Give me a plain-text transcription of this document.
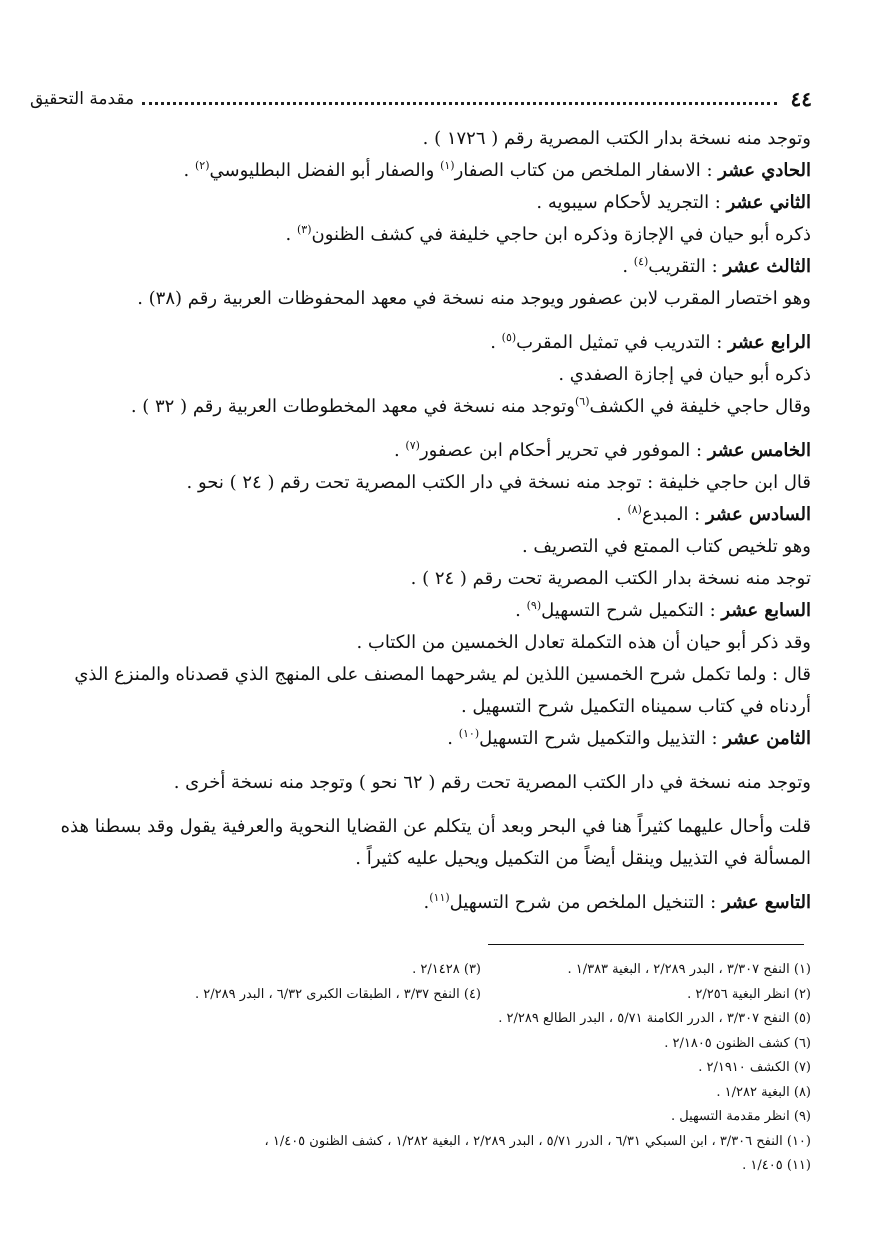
٤٤
مقدمة التحقيق
وتوجد منه نسخة بدار الكتب المصرية رقم ( ١٧٢٦ ) .
الحادي عشر : الاسفار الملخص من كتاب الصفار$^{(١)}$ والصفار أبو الفضل البطليوسي$^{(٢)}$ .
الثاني عشر : التجريد لأحكام سيبويه .
ذكره أبو حيان في الإجازة وذكره ابن حاجي خليفة في كشف الظنون$^{(٣)}$ .
الثالث عشر : التقريب$^{(٤)}$ .
وهو اختصار المقرب لابن عصفور ويوجد منه نسخة في معهد المحفوظات العربية رقم (٣٨) .
الرابع عشر : التدريب في تمثيل المقرب$^{(٥)}$ .
ذكره أبو حيان في إجازة الصفدي .
وقال حاجي خليفة في الكشف$^{(٦)}$وتوجد منه نسخة في معهد المخطوطات العربية رقم ( ٣٢ ) .
الخامس عشر : الموفور في تحرير أحكام ابن عصفور$^{(٧)}$ .
قال ابن حاجي خليفة : توجد منه نسخة في دار الكتب المصرية تحت رقم ( ٢٤ ) نحو .
السادس عشر : المبدع$^{(٨)}$ .
وهو تلخيص كتاب الممتع في التصريف .
توجد منه نسخة بدار الكتب المصرية تحت رقم ( ٢٤ ) .
السابع عشر : التكميل شرح التسهيل$^{(٩)}$ .
وقد ذكر أبو حيان أن هذه التكملة تعادل الخمسين من الكتاب .
قال : ولما تكمل شرح الخمسين اللذين لم يشرحهما المصنف على المنهج الذي قصدناه والمنزع الذي أردناه في كتاب سميناه التكميل شرح التسهيل .
الثامن عشر : التذييل والتكميل شرح التسهيل$^{(١٠)}$ .
وتوجد منه نسخة في دار الكتب المصرية تحت رقم ( ٦٢ نحو ) وتوجد منه نسخة أخرى .
قلت وأحال عليهما كثيراً هنا في البحر وبعد أن يتكلم عن القضايا النحوية والعرفية يقول وقد بسطنا هذه المسألة في التذييل وينقل أيضاً من التكميل ويحيل عليه كثيراً .
التاسع عشر : التنخيل الملخص من شرح التسهيل$^{(١١)}$.
(١) النفح ٣/٣٠٧ ، البدر ٢/٢٨٩ ، البغية ١/٣٨٣ .
(٣) ٢/١٤٢٨ .
(٢) انظر البغية ٢/٢٥٦ .
(٤) النفح ٣/٣٧ ، الطبقات الكبرى ٦/٣٢ ، البدر ٢/٢٨٩ .
(٥) النفح ٣/٣٠٧ ، الدرر الكامنة ٥/٧١ ، البدر الطالع ٢/٢٨٩ .
(٦) كشف الظنون ٢/١٨٠٥ .
(٧) الكشف ٢/١٩١٠ .
(٨) البغية ١/٢٨٢ .
(٩) انظر مقدمة التسهيل .
(١٠) النفح ٣/٣٠٦ ، ابن السبكي ٦/٣١ ، الدرر ٥/٧١ ، البدر ٢/٢٨٩ ، البغية ١/٢٨٢ ، كشف الظنون ١/٤٠٥ ،
(١١) ١/٤٠٥ .
